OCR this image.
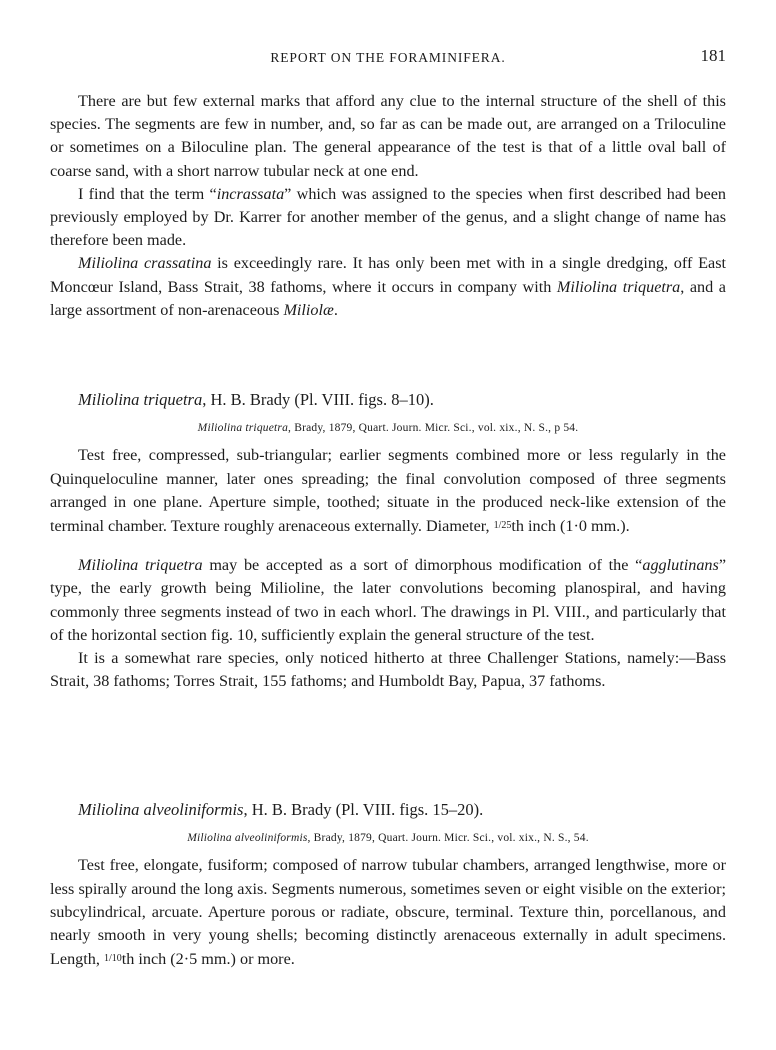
REPORT ON THE FORAMINIFERA.	181

There are but few external marks that afford any clue to the internal structure of the shell of this species. The segments are few in number, and, so far as can be made out, are arranged on a Triloculine or sometimes on a Biloculine plan. The general appearance of the test is that of a little oval ball of coarse sand, with a short narrow tubular neck at one end.

I find that the term “incrassata” which was assigned to the species when first described had been previously employed by Dr. Karrer for another member of the genus, and a slight change of name has therefore been made.

Miliolina crassatina is exceedingly rare. It has only been met with in a single dredging, off East Moncœur Island, Bass Strait, 38 fathoms, where it occurs in company with Miliolina triquetra, and a large assortment of non-arenaceous Miliolæ.

Miliolina triquetra, H. B. Brady (Pl. VIII. figs. 8–10).

Miliolina triquetra, Brady, 1879, Quart. Journ. Micr. Sci., vol. xix., N. S., p 54.

Test free, compressed, sub-triangular; earlier segments combined more or less regularly in the Quinqueloculine manner, later ones spreading; the final convolution composed of three segments arranged in one plane. Aperture simple, toothed; situate in the produced neck-like extension of the terminal chamber. Texture roughly arenaceous externally. Diameter, 1/25th inch (1·0 mm.).

Miliolina triquetra may be accepted as a sort of dimorphous modification of the “agglutinans” type, the early growth being Milioline, the later convolutions becoming planospiral, and having commonly three segments instead of two in each whorl. The drawings in Pl. VIII., and particularly that of the horizontal section fig. 10, sufficiently explain the general structure of the test.

It is a somewhat rare species, only noticed hitherto at three Challenger Stations, namely:—Bass Strait, 38 fathoms; Torres Strait, 155 fathoms; and Humboldt Bay, Papua, 37 fathoms.

Miliolina alveoliniformis, H. B. Brady (Pl. VIII. figs. 15–20).

Miliolina alveoliniformis, Brady, 1879, Quart. Journ. Micr. Sci., vol. xix., N. S., 54.

Test free, elongate, fusiform; composed of narrow tubular chambers, arranged lengthwise, more or less spirally around the long axis. Segments numerous, sometimes seven or eight visible on the exterior; subcylindrical, arcuate. Aperture porous or radiate, obscure, terminal. Texture thin, porcellanous, and nearly smooth in very young shells; becoming distinctly arenaceous externally in adult specimens. Length, 1/10th inch (2·5 mm.) or more.
